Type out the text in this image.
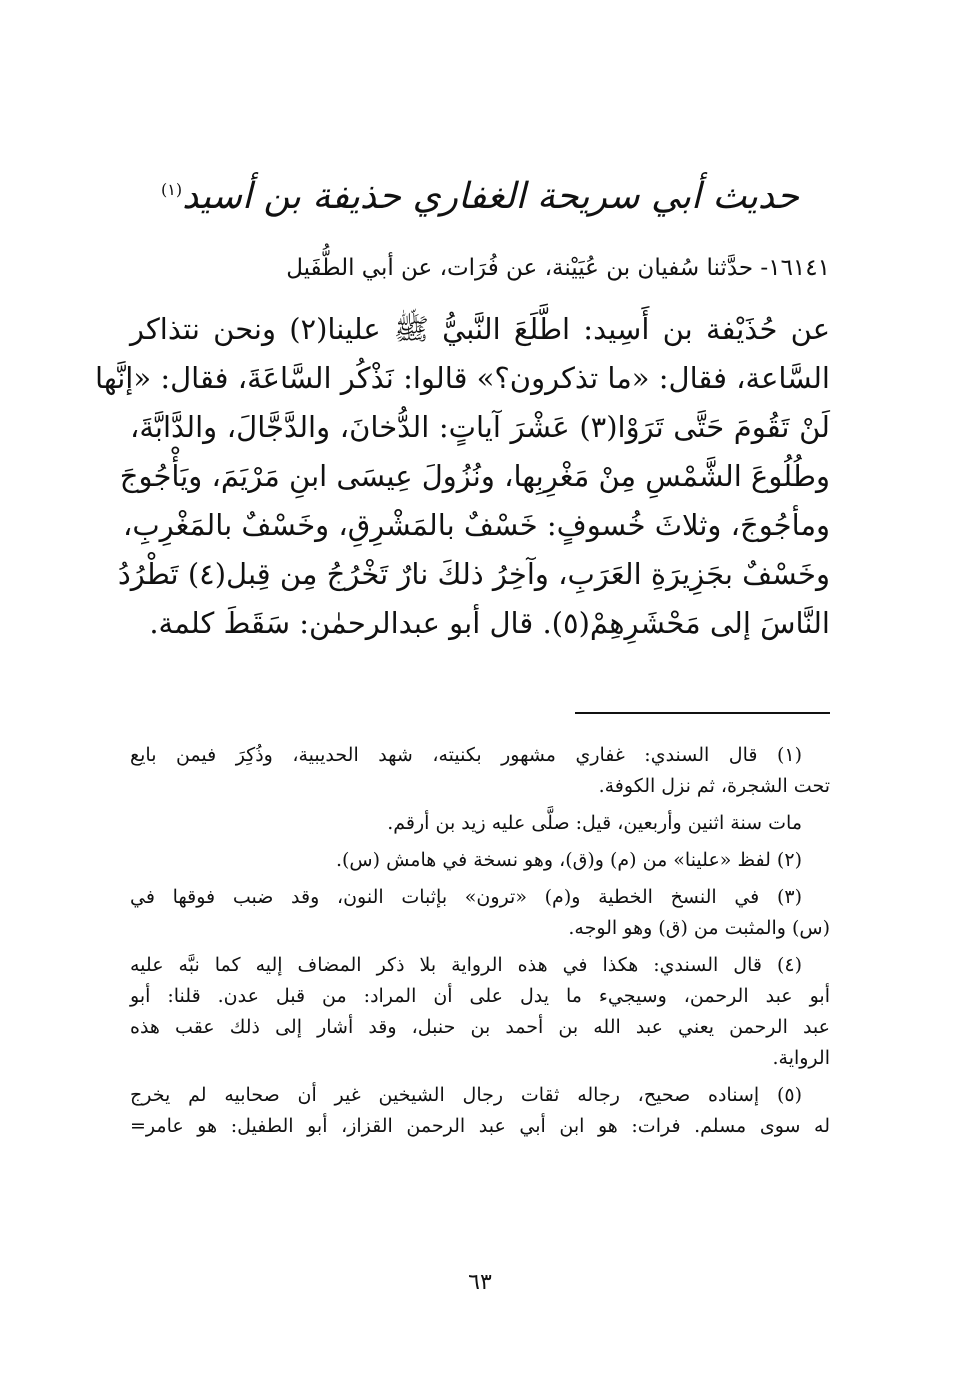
حديث أبي سريحة الغفاري حذيفة بن أسيد$^{(١)}$
١٦١٤١- حدَّثنا سُفيان بن عُيَيْنة، عن فُرَات، عن أبي الطُّفَيل
عن حُذَيْفة بن أَسِيد: اطَّلَعَ النَّبيُّ ﷺ علينا(٢) ونحن نتذاكر
السَّاعة، فقال: «ما تذكرون؟» قالوا: نَذْكُر السَّاعَةَ، فقال: «إنَّها
لَنْ تَقُومَ حَتَّى تَرَوْا(٣) عَشْرَ آياتٍ: الدُّخانَ، والدَّجَّالَ، والدَّابَّةَ،
وطُلُوعَ الشَّمْسِ مِنْ مَغْرِبِها، ونُزُولَ عِيسَى ابنِ مَرْيَمَ، ويَأْجُوجَ
ومأجُوجَ، وثلاثَ خُسوفٍ: خَسْفٌ بالمَشْرِقِ، وخَسْفٌ بالمَغْرِبِ،
وخَسْفٌ بجَزِيرَةِ العَرَبِ، وآخِرُ ذلكَ نارٌ تَخْرُجُ مِن قِبل(٤) تَطْرُدُ
النَّاسَ إلى مَحْشَرِهِمْ(٥). قال أبو عبدالرحمٰن: سَقَطَ كلمة.
(١) قال السندي: غفاري مشهور بكنيته، شهد الحديبية، وذُكِرَ فيمن بايع
تحت الشجرة، ثم نزل الكوفة.
مات سنة اثنين وأربعين، قيل: صلَّى عليه زيد بن أرقم.
(٢) لفظ «علينا» من (م) و(ق)، وهو نسخة في هامش (س).
(٣) في النسخ الخطية و(م) «ترون» بإثبات النون، وقد ضبب فوقها في
(س) والمثبت من (ق) وهو الوجه.
(٤) قال السندي: هكذا في هذه الرواية بلا ذكر المضاف إليه كما نبَّه عليه
أبو عبد الرحمن، وسيجيء ما يدل على أن المراد: من قبل عدن. قلنا: أبو
عبد الرحمن يعني عبد الله بن أحمد بن حنبل، وقد أشار إلى ذلك عقب هذه
الرواية.
(٥) إسناده صحيح، رجاله ثقات رجال الشيخين غير أن صحابيه لم يخرج
له سوى مسلم. فرات: هو ابن أبي عبد الرحمن القزاز، أبو الطفيل: هو عامر=
٦٣
